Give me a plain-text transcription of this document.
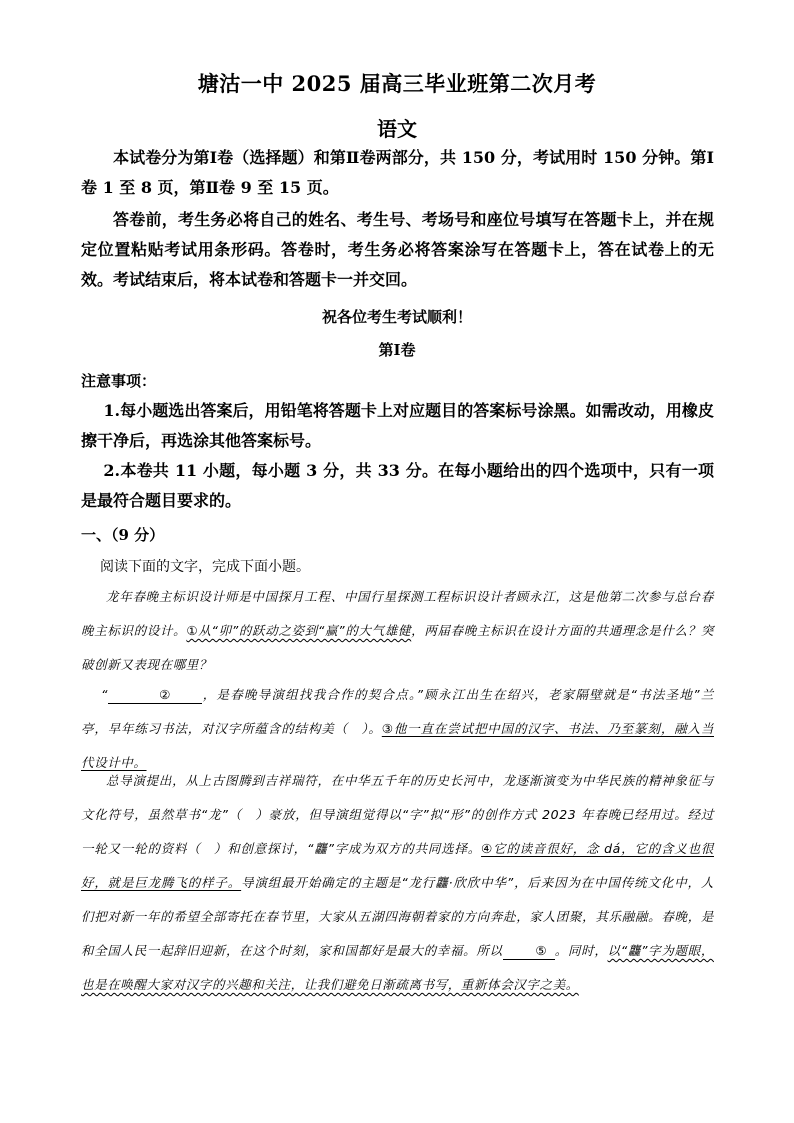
塘沽一中 2025 届高三毕业班第二次月考
语文
本试卷分为第Ⅰ卷（选择题）和第Ⅱ卷两部分，共 150 分，考试用时 150 分钟。第Ⅰ卷 1 至 8 页，第Ⅱ卷 9 至 15 页。
答卷前，考生务必将自己的姓名、考生号、考场号和座位号填写在答题卡上，并在规定位置粘贴考试用条形码。答卷时，考生务必将答案涂写在答题卡上，答在试卷上的无效。考试结束后，将本试卷和答题卡一并交回。
祝各位考生考试顺利！
第Ⅰ卷
注意事项：
1.每小题选出答案后，用铅笔将答题卡上对应题目的答案标号涂黑。如需改动，用橡皮擦干净后，再选涂其他答案标号。
2.本卷共 11 小题，每小题 3 分，共 33 分。在每小题给出的四个选项中，只有一项是最符合题目要求的。
一、（9 分）
阅读下面的文字，完成下面小题。
龙年春晚主标识设计师是中国探月工程、中国行星探测工程标识设计者顾永江，这是他第二次参与总台春晚主标识的设计。①从“卯”的跃动之姿到“赢”的大气雄健，两届春晚主标识在设计方面的共通理念是什么？突破创新又表现在哪里？
“	② ，是春晚导演组找我合作的契合点。”顾永江出生在绍兴，老家隔壁就是“书法圣地”兰亭，早年练习书法，对汉字所蕴含的结构美（　）。③他一直在尝试把中国的汉字、书法、乃至篆刻，融入当代设计中。
总导演提出，从上古图腾到吉祥瑞符，在中华五千年的历史长河中，龙逐渐演变为中华民族的精神象征与文化符号，虽然草书“龙”（　）豪放，但导演组觉得以“字”拟“形”的创作方式 2023 年春晚已经用过。经过一轮又一轮的资料（　）和创意探讨，“龘”字成为双方的共同选择。④它的读音很好，念 dá，它的含义也很好，就是巨龙腾飞的样子。导演组最开始确定的主题是“龙行龘·欣欣中华”，后来因为在中国传统文化中，人们把对新一年的希望全部寄托在春节里，大家从五湖四海朝着家的方向奔赴，家人团聚，其乐融融。春晚，是和全国人民一起辞旧迎新，在这个时刻，家和国都好是最大的幸福。所以	⑤ 。同时，以“龘”字为题眼，也是在唤醒大家对汉字的兴趣和关注，让我们避免日渐疏离书写，重新体会汉字之美。
